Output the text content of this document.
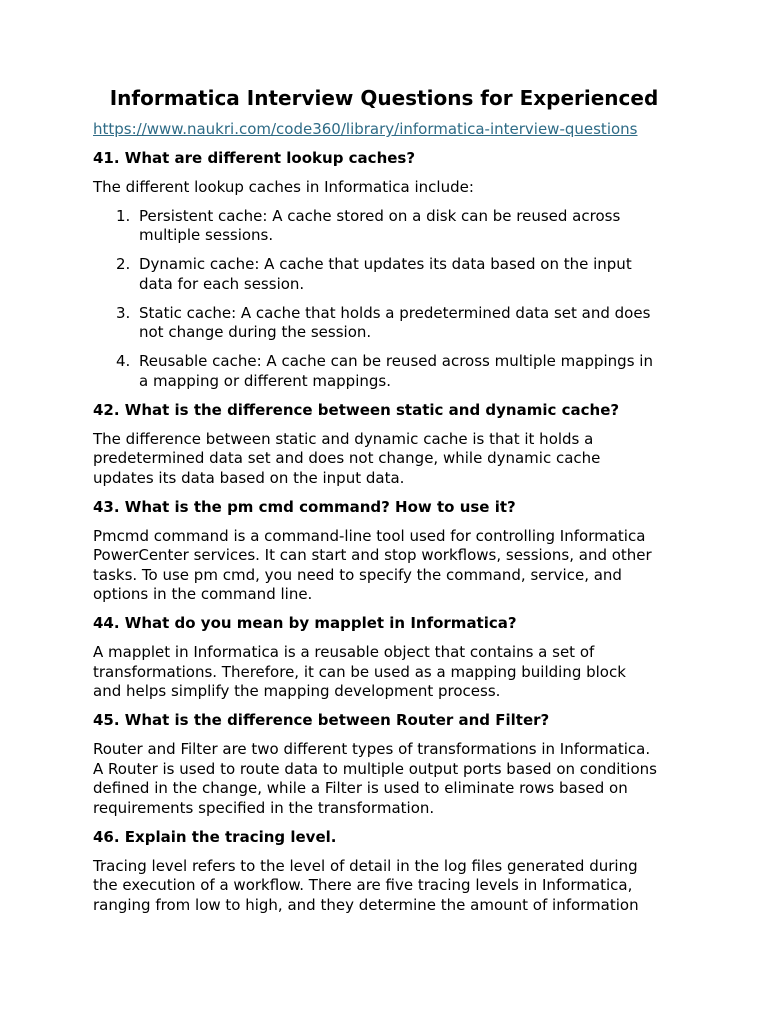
Informatica Interview Questions for Experienced
https://www.naukri.com/code360/library/informatica-interview-questions
41. What are different lookup caches?
The different lookup caches in Informatica include:
1. Persistent cache: A cache stored on a disk can be reused across
multiple sessions.
2. Dynamic cache: A cache that updates its data based on the input
data for each session.
3. Static cache: A cache that holds a predetermined data set and does
not change during the session.
4. Reusable cache: A cache can be reused across multiple mappings in
a mapping or different mappings.
42. What is the difference between static and dynamic cache?
The difference between static and dynamic cache is that it holds a
predetermined data set and does not change, while dynamic cache
updates its data based on the input data.
43. What is the pm cmd command? How to use it?
Pmcmd command is a command-line tool used for controlling Informatica
PowerCenter services. It can start and stop workflows, sessions, and other
tasks. To use pm cmd, you need to specify the command, service, and
options in the command line.
44. What do you mean by mapplet in Informatica?
A mapplet in Informatica is a reusable object that contains a set of
transformations. Therefore, it can be used as a mapping building block
and helps simplify the mapping development process.
45. What is the difference between Router and Filter?
Router and Filter are two different types of transformations in Informatica.
A Router is used to route data to multiple output ports based on conditions
defined in the change, while a Filter is used to eliminate rows based on
requirements specified in the transformation.
46. Explain the tracing level.
Tracing level refers to the level of detail in the log files generated during
the execution of a workflow. There are five tracing levels in Informatica,
ranging from low to high, and they determine the amount of information
